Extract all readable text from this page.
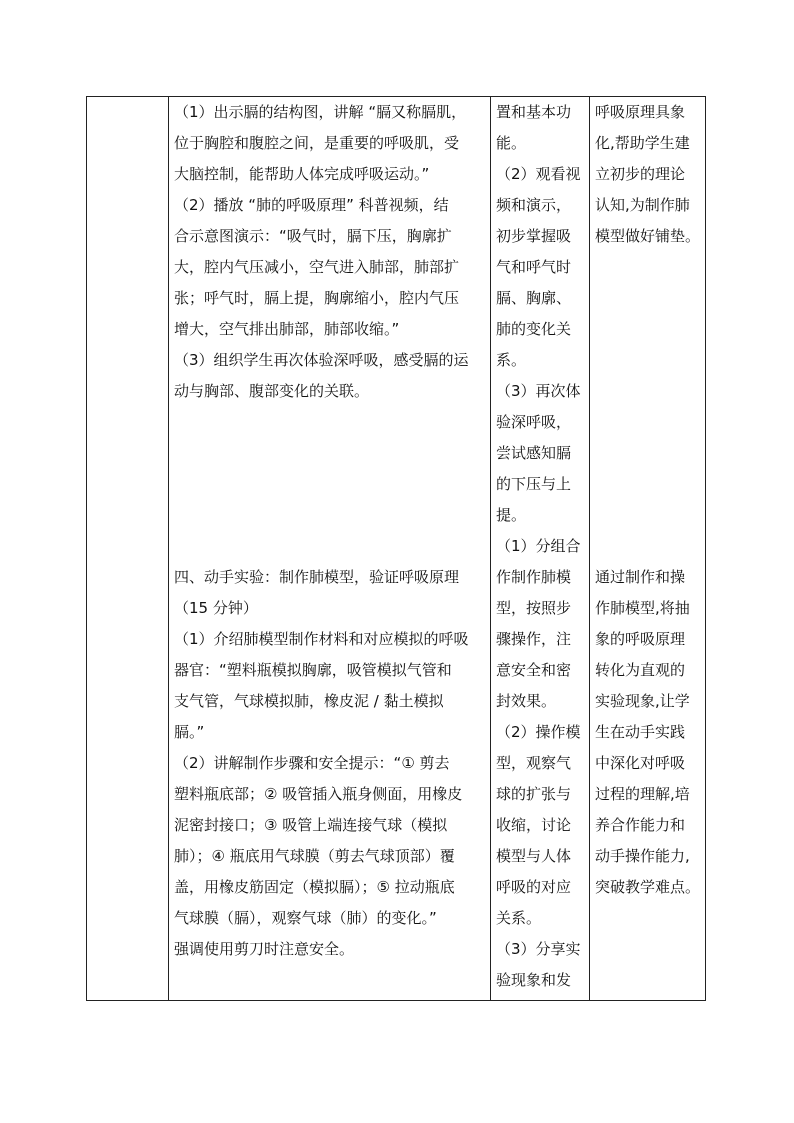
（1）出示膈的结构图，讲解 “膈又称膈肌，
位于胸腔和腹腔之间，是重要的呼吸肌，受
大脑控制，能帮助人体完成呼吸运动。”
（2）播放 “肺的呼吸原理” 科普视频，结
合示意图演示：“吸气时，膈下压，胸廓扩
大，腔内气压减小，空气进入肺部，肺部扩
张；呼气时，膈上提，胸廓缩小，腔内气压
增大，空气排出肺部，肺部收缩。”
（3）组织学生再次体验深呼吸，感受膈的运
动与胸部、腹部变化的关联。
四、动手实验：制作肺模型，验证呼吸原理
（15 分钟）
（1）介绍肺模型制作材料和对应模拟的呼吸
器官：“塑料瓶模拟胸廓，吸管模拟气管和
支气管，气球模拟肺，橡皮泥 / 黏土模拟
膈。”
（2）讲解制作步骤和安全提示：“① 剪去
塑料瓶底部；② 吸管插入瓶身侧面，用橡皮
泥密封接口；③ 吸管上端连接气球（模拟
肺）；④ 瓶底用气球膜（剪去气球顶部）覆
盖，用橡皮筋固定（模拟膈）；⑤ 拉动瓶底
气球膜（膈），观察气球（肺）的变化。”
强调使用剪刀时注意安全。
置和基本功
能。
（2）观看视
频和演示，
初步掌握吸
气和呼气时
膈、胸廓、
肺的变化关
系。
（3）再次体
验深呼吸，
尝试感知膈
的下压与上
提。
（1）分组合
作制作肺模
型，按照步
骤操作，注
意安全和密
封效果。
（2）操作模
型，观察气
球的扩张与
收缩，讨论
模型与人体
呼吸的对应
关系。
（3）分享实
验现象和发
呼吸原理具象
化,帮助学生建
立初步的理论
认知,为制作肺
模型做好铺垫。
通过制作和操
作肺模型,将抽
象的呼吸原理
转化为直观的
实验现象,让学
生在动手实践
中深化对呼吸
过程的理解,培
养合作能力和
动手操作能力,
突破教学难点。
